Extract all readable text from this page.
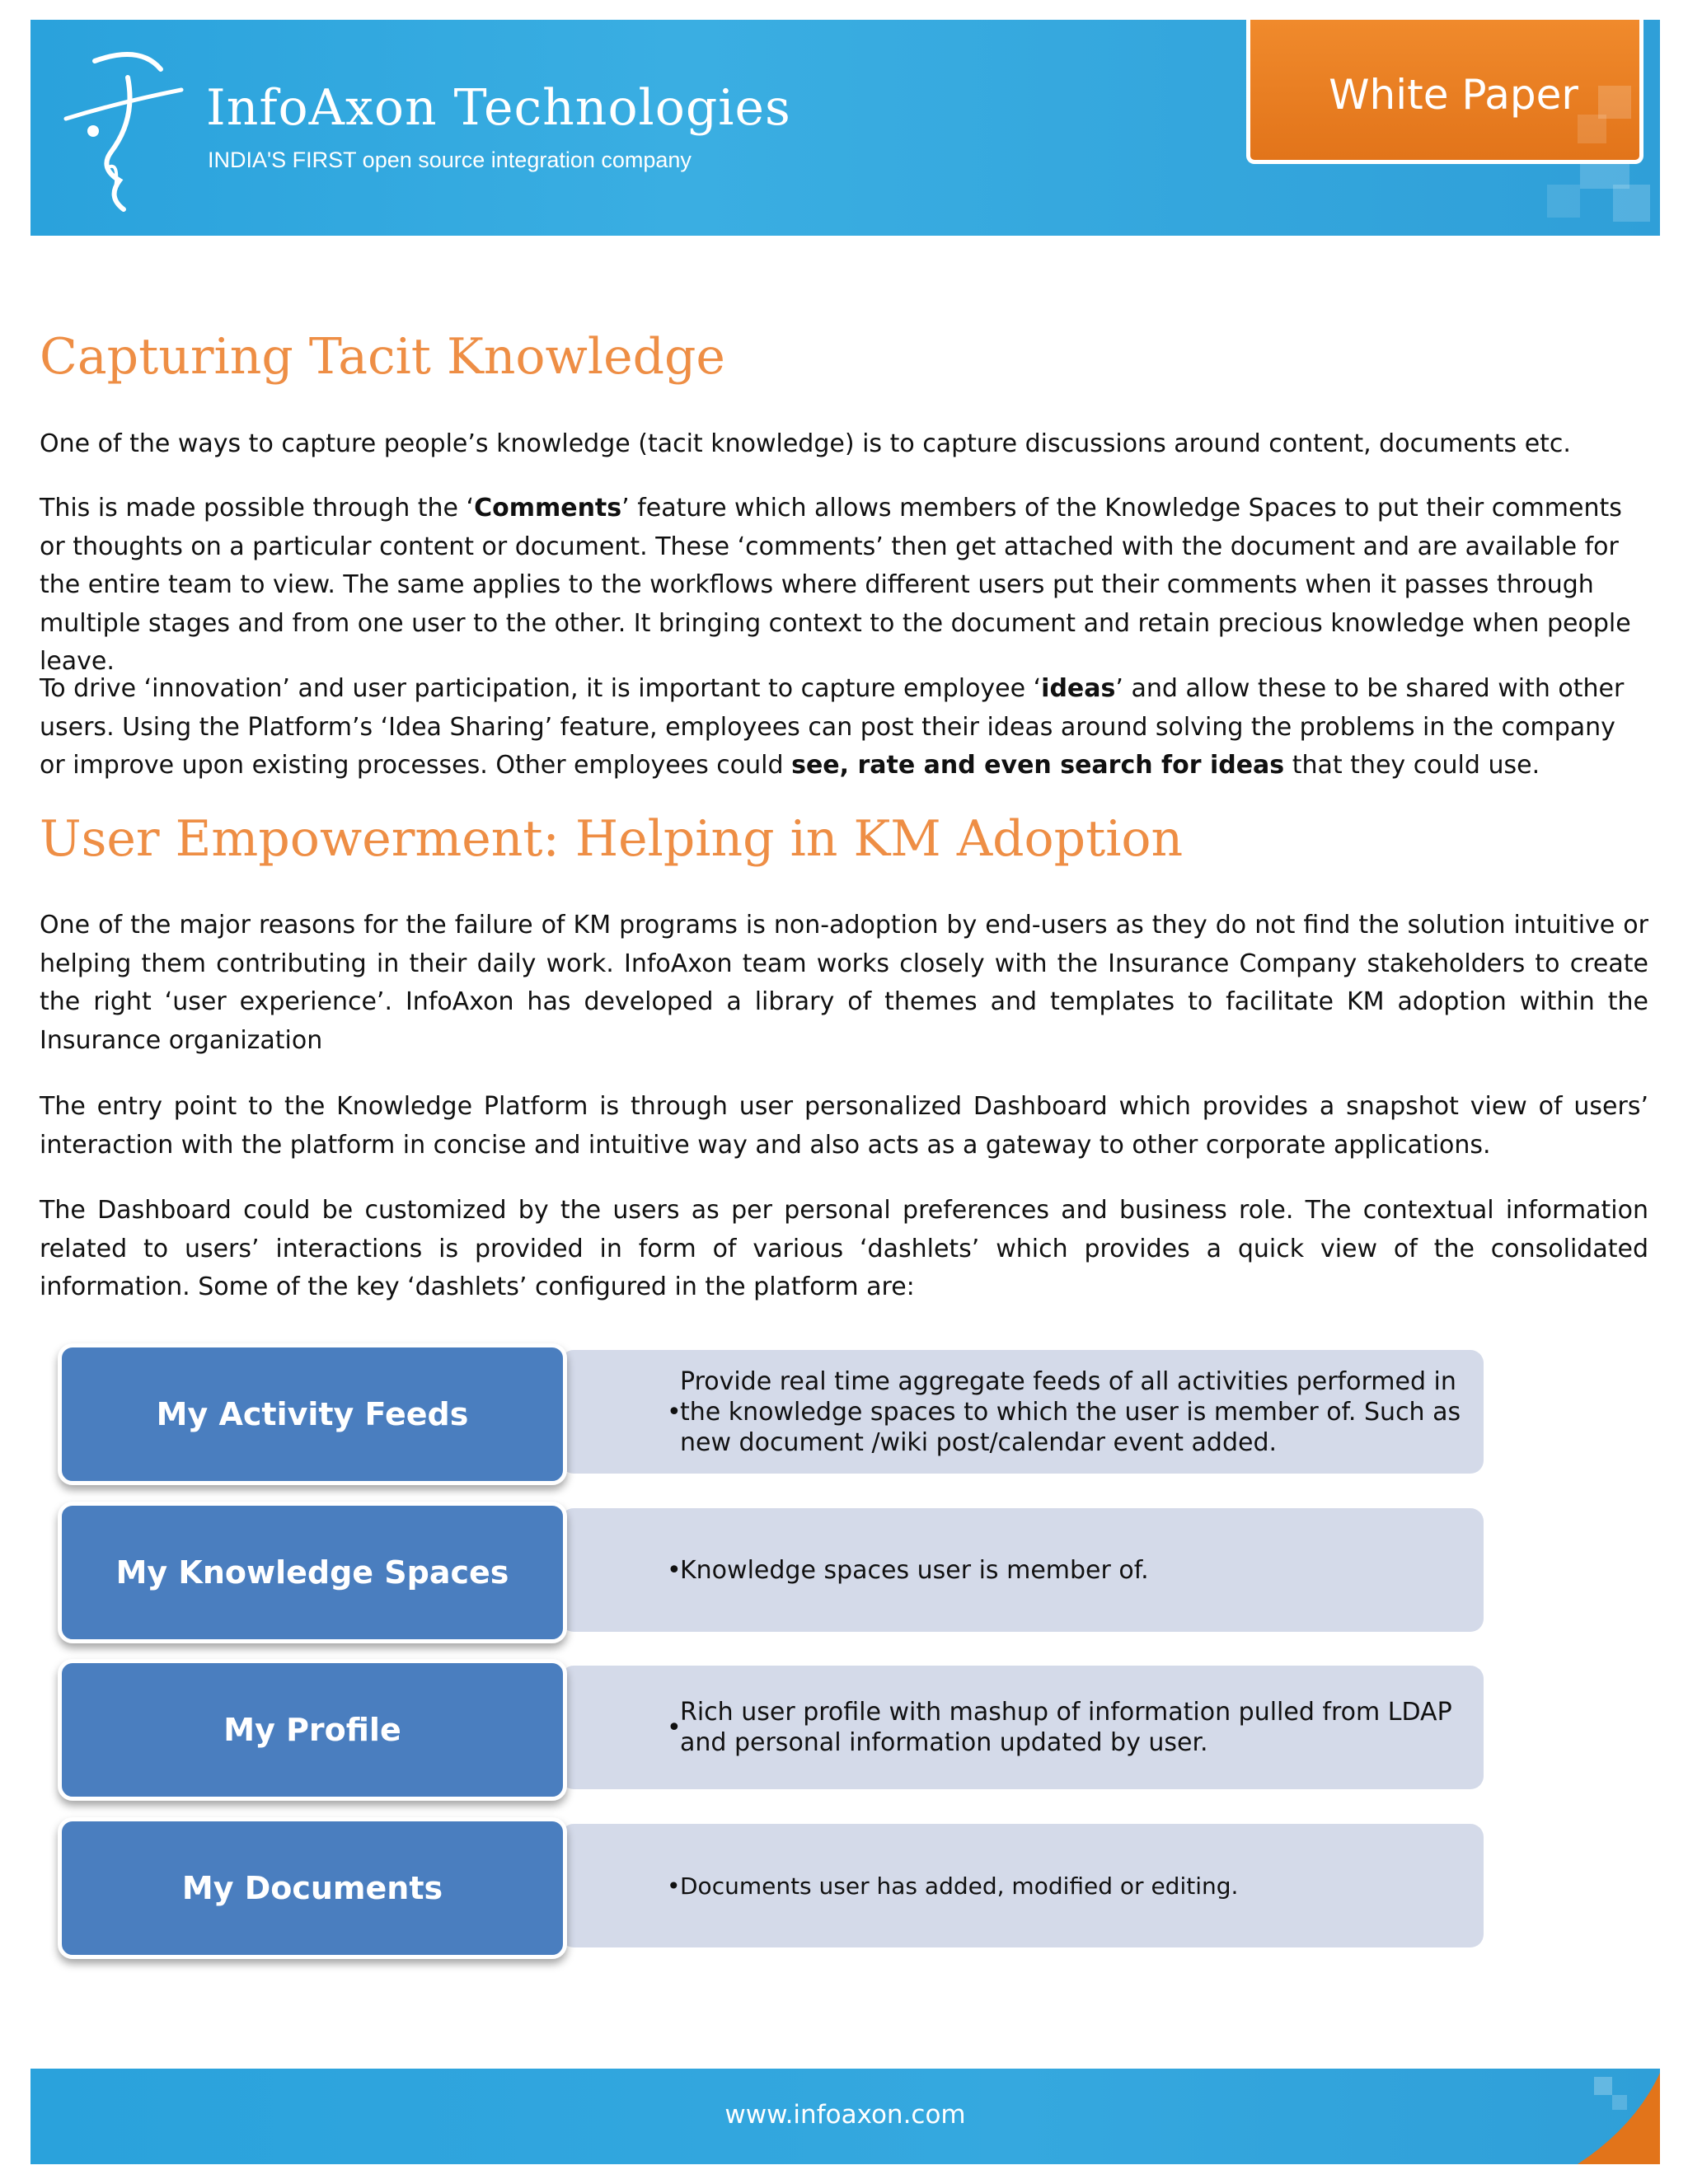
InfoAxon Technologies
INDIA'S FIRST open source integration company
White Paper
Capturing Tacit Knowledge

One of the ways to capture people’s knowledge (tacit knowledge) is to capture discussions around content, documents etc.

This is made possible through the ‘Comments’ feature which allows members of the Knowledge Spaces to put their comments or thoughts on a particular content or document. These ‘comments’ then get attached with the document and are available for the entire team to view. The same applies to the workflows where different users put their comments when it passes through multiple stages and from one user to the other. It bringing context to the document and retain precious knowledge when people leave.

To drive ‘innovation’ and user participation, it is important to capture employee ‘ideas’ and allow these to be shared with other users. Using the Platform’s ‘Idea Sharing’ feature, employees can post their ideas around solving the problems in the company or improve upon existing processes. Other employees could see, rate and even search for ideas that they could use.

User Empowerment: Helping in KM Adoption

One of the major reasons for the failure of KM programs is non-adoption by end-users as they do not find the solution intuitive or helping them contributing in their daily work. InfoAxon team works closely with the Insurance Company stakeholders to create the right ‘user experience’. InfoAxon has developed a library of themes and templates to facilitate KM adoption within the Insurance organization

The entry point to the Knowledge Platform is through user personalized Dashboard which provides a snapshot view of users’ interaction with the platform in concise and intuitive way and also acts as a gateway to other corporate applications.

The Dashboard could be customized by the users as per personal preferences and business role. The contextual information related to users’ interactions is provided in form of various ‘dashlets’ which provides a quick view of the consolidated information. Some of the key ‘dashlets’ configured in the platform are:

•
Provide real time aggregate feeds of all activities performed in the knowledge spaces to which the user is member of. Such as new document /wiki post/calendar event added.
My Activity Feeds
•
Knowledge spaces user is member of.
My Knowledge Spaces
•
Rich user profile with mashup of information pulled from LDAP and personal information updated by user.
My Profile
• Documents user has added, modified or editing.
My Documents
www.infoaxon.com
